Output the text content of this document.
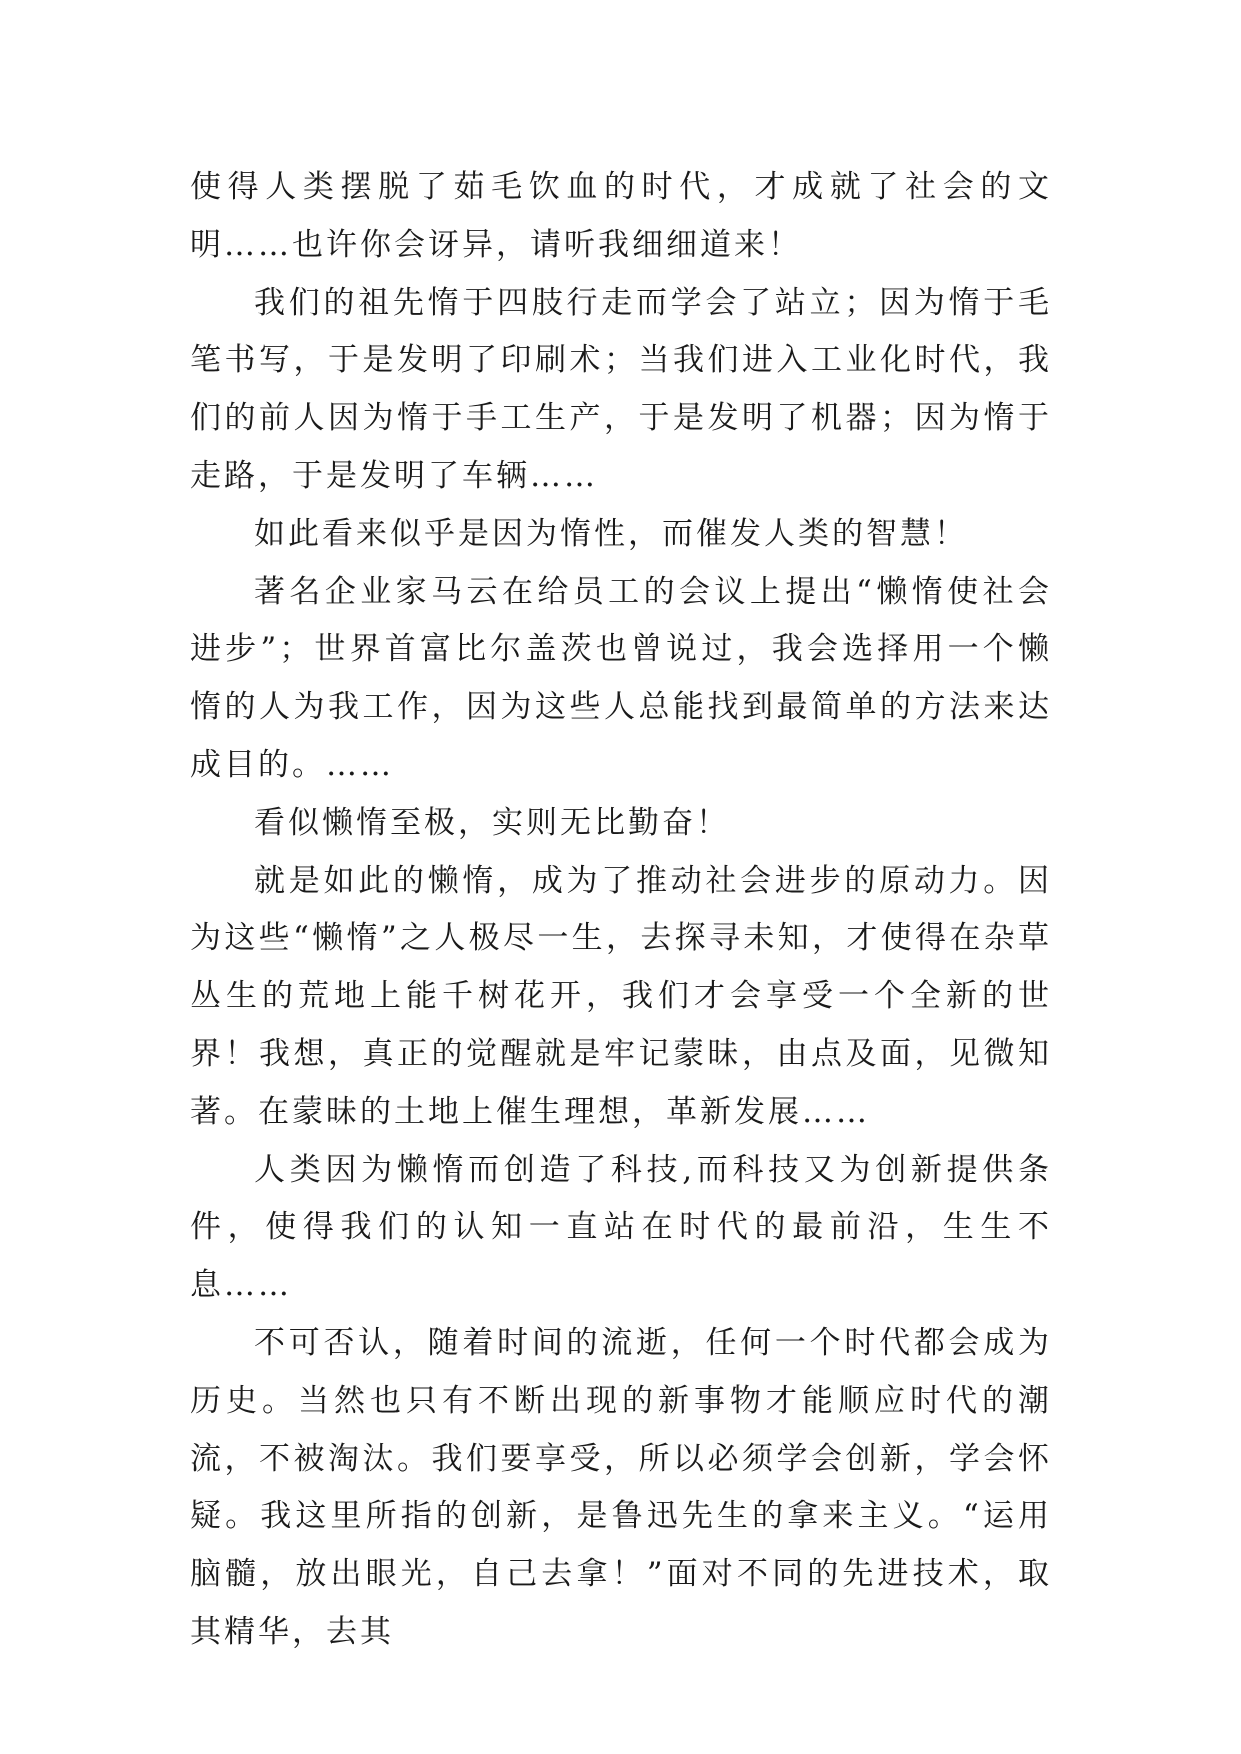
使得人类摆脱了茹毛饮血的时代，才成就了社会的文明……也许你会讶异，请听我细细道来！

我们的祖先惰于四肢行走而学会了站立；因为惰于毛笔书写，于是发明了印刷术；当我们进入工业化时代，我们的前人因为惰于手工生产，于是发明了机器；因为惰于走路，于是发明了车辆……

如此看来似乎是因为惰性，而催发人类的智慧！

著名企业家马云在给员工的会议上提出“懒惰使社会进步”；世界首富比尔盖茨也曾说过，我会选择用一个懒惰的人为我工作，因为这些人总能找到最简单的方法来达成目的。……

看似懒惰至极，实则无比勤奋！

就是如此的懒惰，成为了推动社会进步的原动力。因为这些“懒惰”之人极尽一生，去探寻未知，才使得在杂草丛生的荒地上能千树花开，我们才会享受一个全新的世界！我想，真正的觉醒就是牢记蒙昧，由点及面，见微知著。在蒙昧的土地上催生理想，革新发展……

人类因为懒惰而创造了科技,而科技又为创新提供条件，使得我们的认知一直站在时代的最前沿，生生不息……

不可否认，随着时间的流逝，任何一个时代都会成为历史。当然也只有不断出现的新事物才能顺应时代的潮流，不被淘汰。我们要享受，所以必须学会创新，学会怀疑。我这里所指的创新，是鲁迅先生的拿来主义。“运用脑髓，放出眼光，自己去拿！”面对不同的先进技术，取其精华，去其
